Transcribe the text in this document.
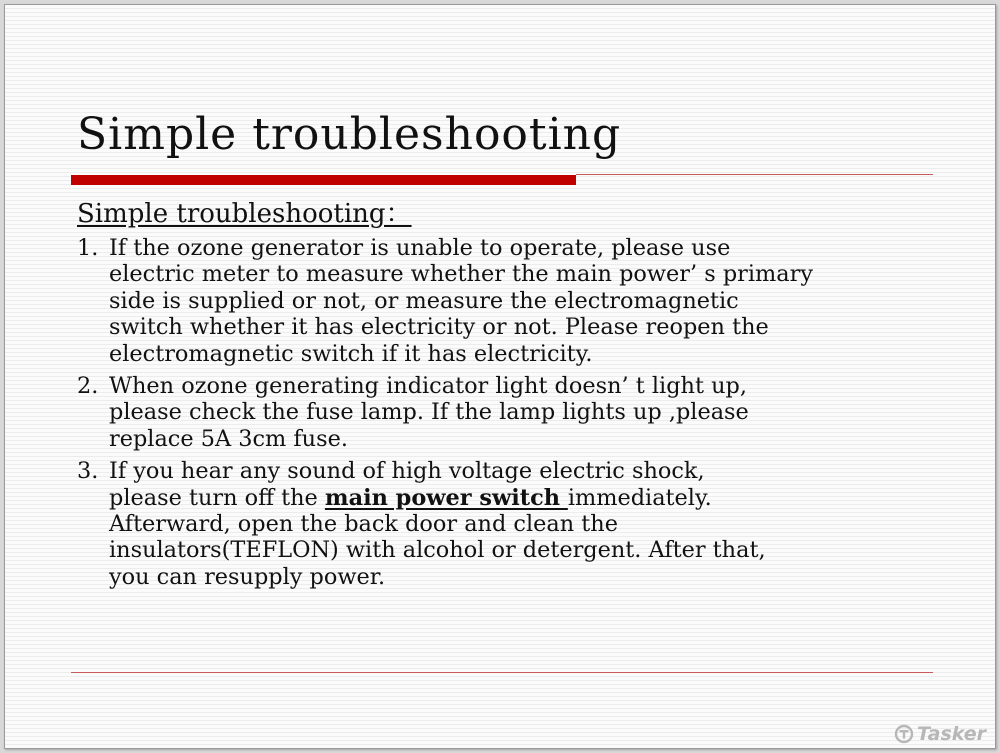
Simple troubleshooting
Simple troubleshooting：
1. If the ozone generator is unable to operate, please use
electric meter to measure whether the main power’ s primary
side is supplied or not, or measure the electromagnetic
switch whether it has electricity or not. Please reopen the
electromagnetic switch if it has electricity.
2. When ozone generating indicator light doesn’ t light up,
please check the fuse lamp. If the lamp lights up ,please
replace 5A 3cm fuse.
3. If you hear any sound of high voltage electric shock,
please turn off the main power switch immediately.
Afterward, open the back door and clean the
insulators(TEFLON) with alcohol or detergent. After that,
you can resupply power.
Tasker
